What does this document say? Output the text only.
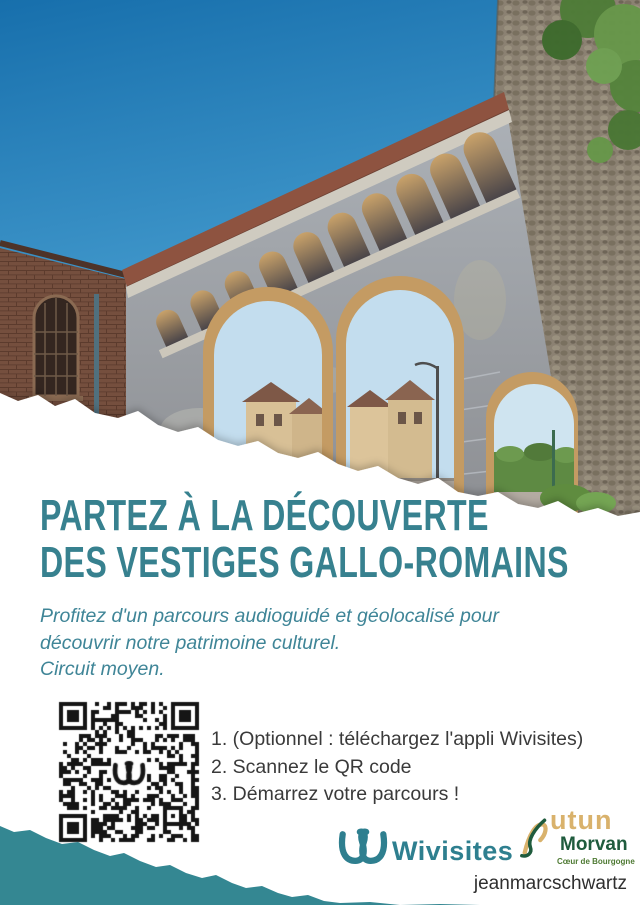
PARTEZ À LA DÉCOUVERTE
DES VESTIGES GALLO-ROMAINS
Profitez d'un parcours audioguidé et géolocalisé pour
découvrir notre patrimoine culturel.
Circuit moyen.
1. (Optionnel : téléchargez l'appli Wivisites)
2. Scannez le QR code
3. Démarrez votre parcours !
Wivisites
utun
Morvan
Cœur de Bourgogne
jeanmarcschwartz
